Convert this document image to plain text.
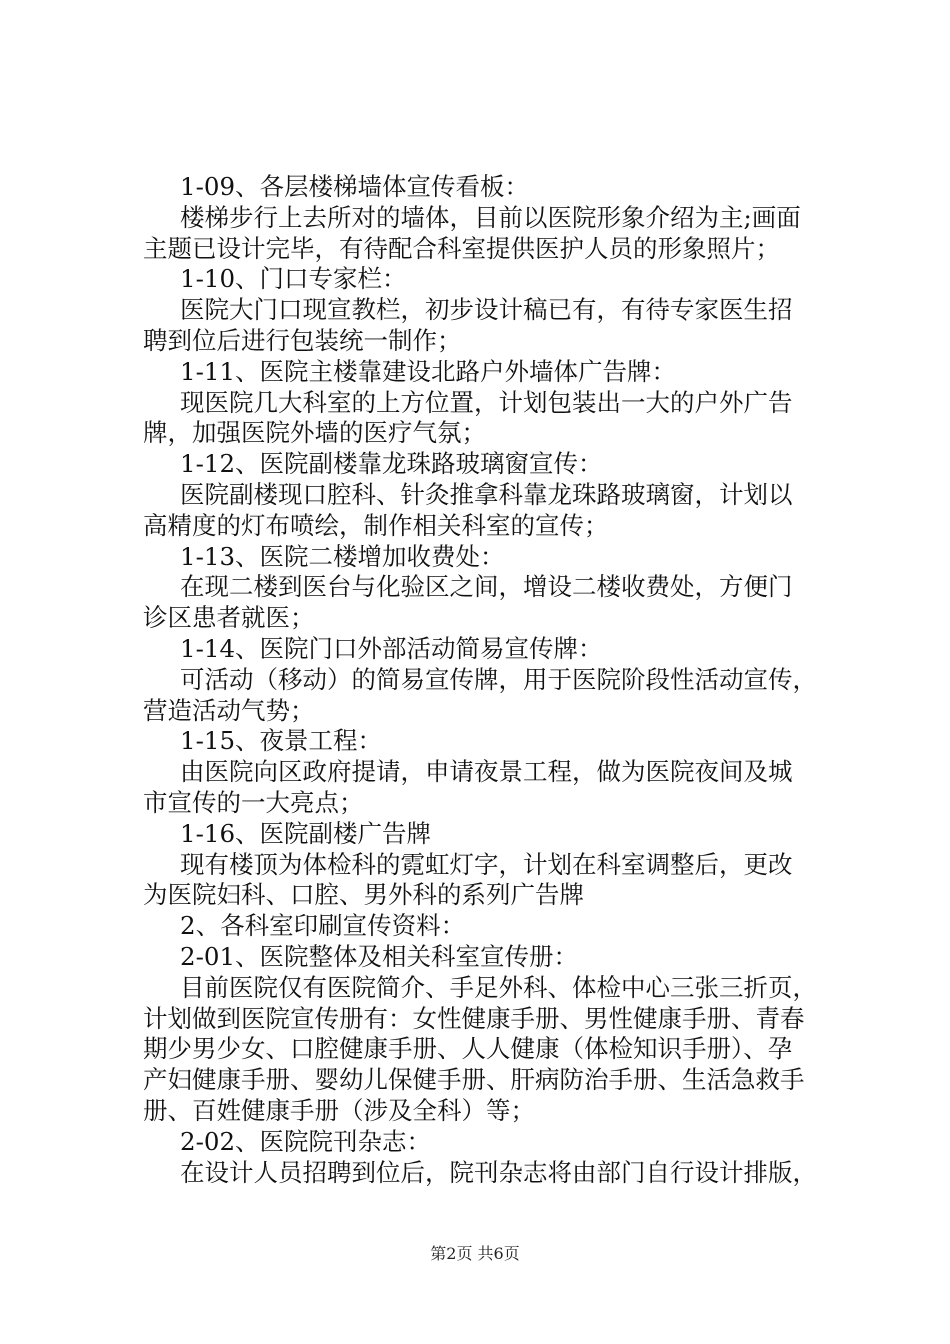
1-09、各层楼梯墙体宣传看板：
楼梯步行上去所对的墙体，目前以医院形象介绍为主;画面
主题已设计完毕，有待配合科室提供医护人员的形象照片；
1-10、门口专家栏：
医院大门口现宣教栏，初步设计稿已有，有待专家医生招
聘到位后进行包装统一制作；
1-11、医院主楼靠建设北路户外墙体广告牌：
现医院几大科室的上方位置，计划包装出一大的户外广告
牌，加强医院外墙的医疗气氛；
1-12、医院副楼靠龙珠路玻璃窗宣传：
医院副楼现口腔科、针灸推拿科靠龙珠路玻璃窗，计划以
高精度的灯布喷绘，制作相关科室的宣传；
1-13、医院二楼增加收费处：
在现二楼到医台与化验区之间，增设二楼收费处，方便门
诊区患者就医；
1-14、医院门口外部活动简易宣传牌：
可活动（移动）的简易宣传牌，用于医院阶段性活动宣传，
营造活动气势；
1-15、夜景工程：
由医院向区政府提请，申请夜景工程，做为医院夜间及城
市宣传的一大亮点；
1-16、医院副楼广告牌
现有楼顶为体检科的霓虹灯字，计划在科室调整后，更改
为医院妇科、口腔、男外科的系列广告牌
2、各科室印刷宣传资料：
2-01、医院整体及相关科室宣传册：
目前医院仅有医院简介、手足外科、体检中心三张三折页，
计划做到医院宣传册有：女性健康手册、男性健康手册、青春
期少男少女、口腔健康手册、人人健康（体检知识手册）、孕
产妇健康手册、婴幼儿保健手册、肝病防治手册、生活急救手
册、百姓健康手册（涉及全科）等；
2-02、医院院刊杂志：
在设计人员招聘到位后，院刊杂志将由部门自行设计排版，
第2页 共6页
